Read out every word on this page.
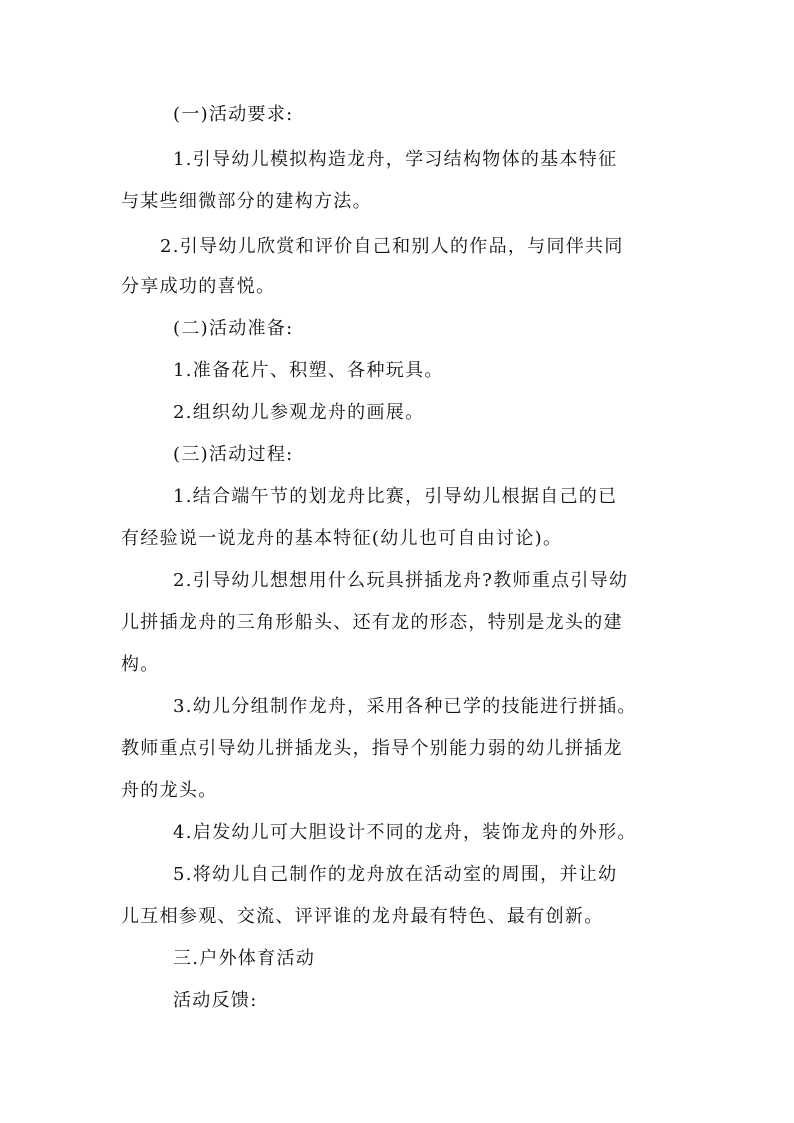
(一)活动要求:
1.引导幼儿模拟构造龙舟，学习结构物体的基本特征
与某些细微部分的建构方法。
2.引导幼儿欣赏和评价自己和别人的作品，与同伴共同
分享成功的喜悦。
(二)活动准备:
1.准备花片、积塑、各种玩具。
2.组织幼儿参观龙舟的画展。
(三)活动过程:
1.结合端午节的划龙舟比赛，引导幼儿根据自己的已
有经验说一说龙舟的基本特征(幼儿也可自由讨论)。
2.引导幼儿想想用什么玩具拼插龙舟?教师重点引导幼
儿拼插龙舟的三角形船头、还有龙的形态，特别是龙头的建
构。
3.幼儿分组制作龙舟，采用各种已学的技能进行拼插。
教师重点引导幼儿拼插龙头，指导个别能力弱的幼儿拼插龙
舟的龙头。
4.启发幼儿可大胆设计不同的龙舟，装饰龙舟的外形。
5.将幼儿自己制作的龙舟放在活动室的周围，并让幼
儿互相参观、交流、评评谁的龙舟最有特色、最有创新。
三.户外体育活动
活动反馈:
